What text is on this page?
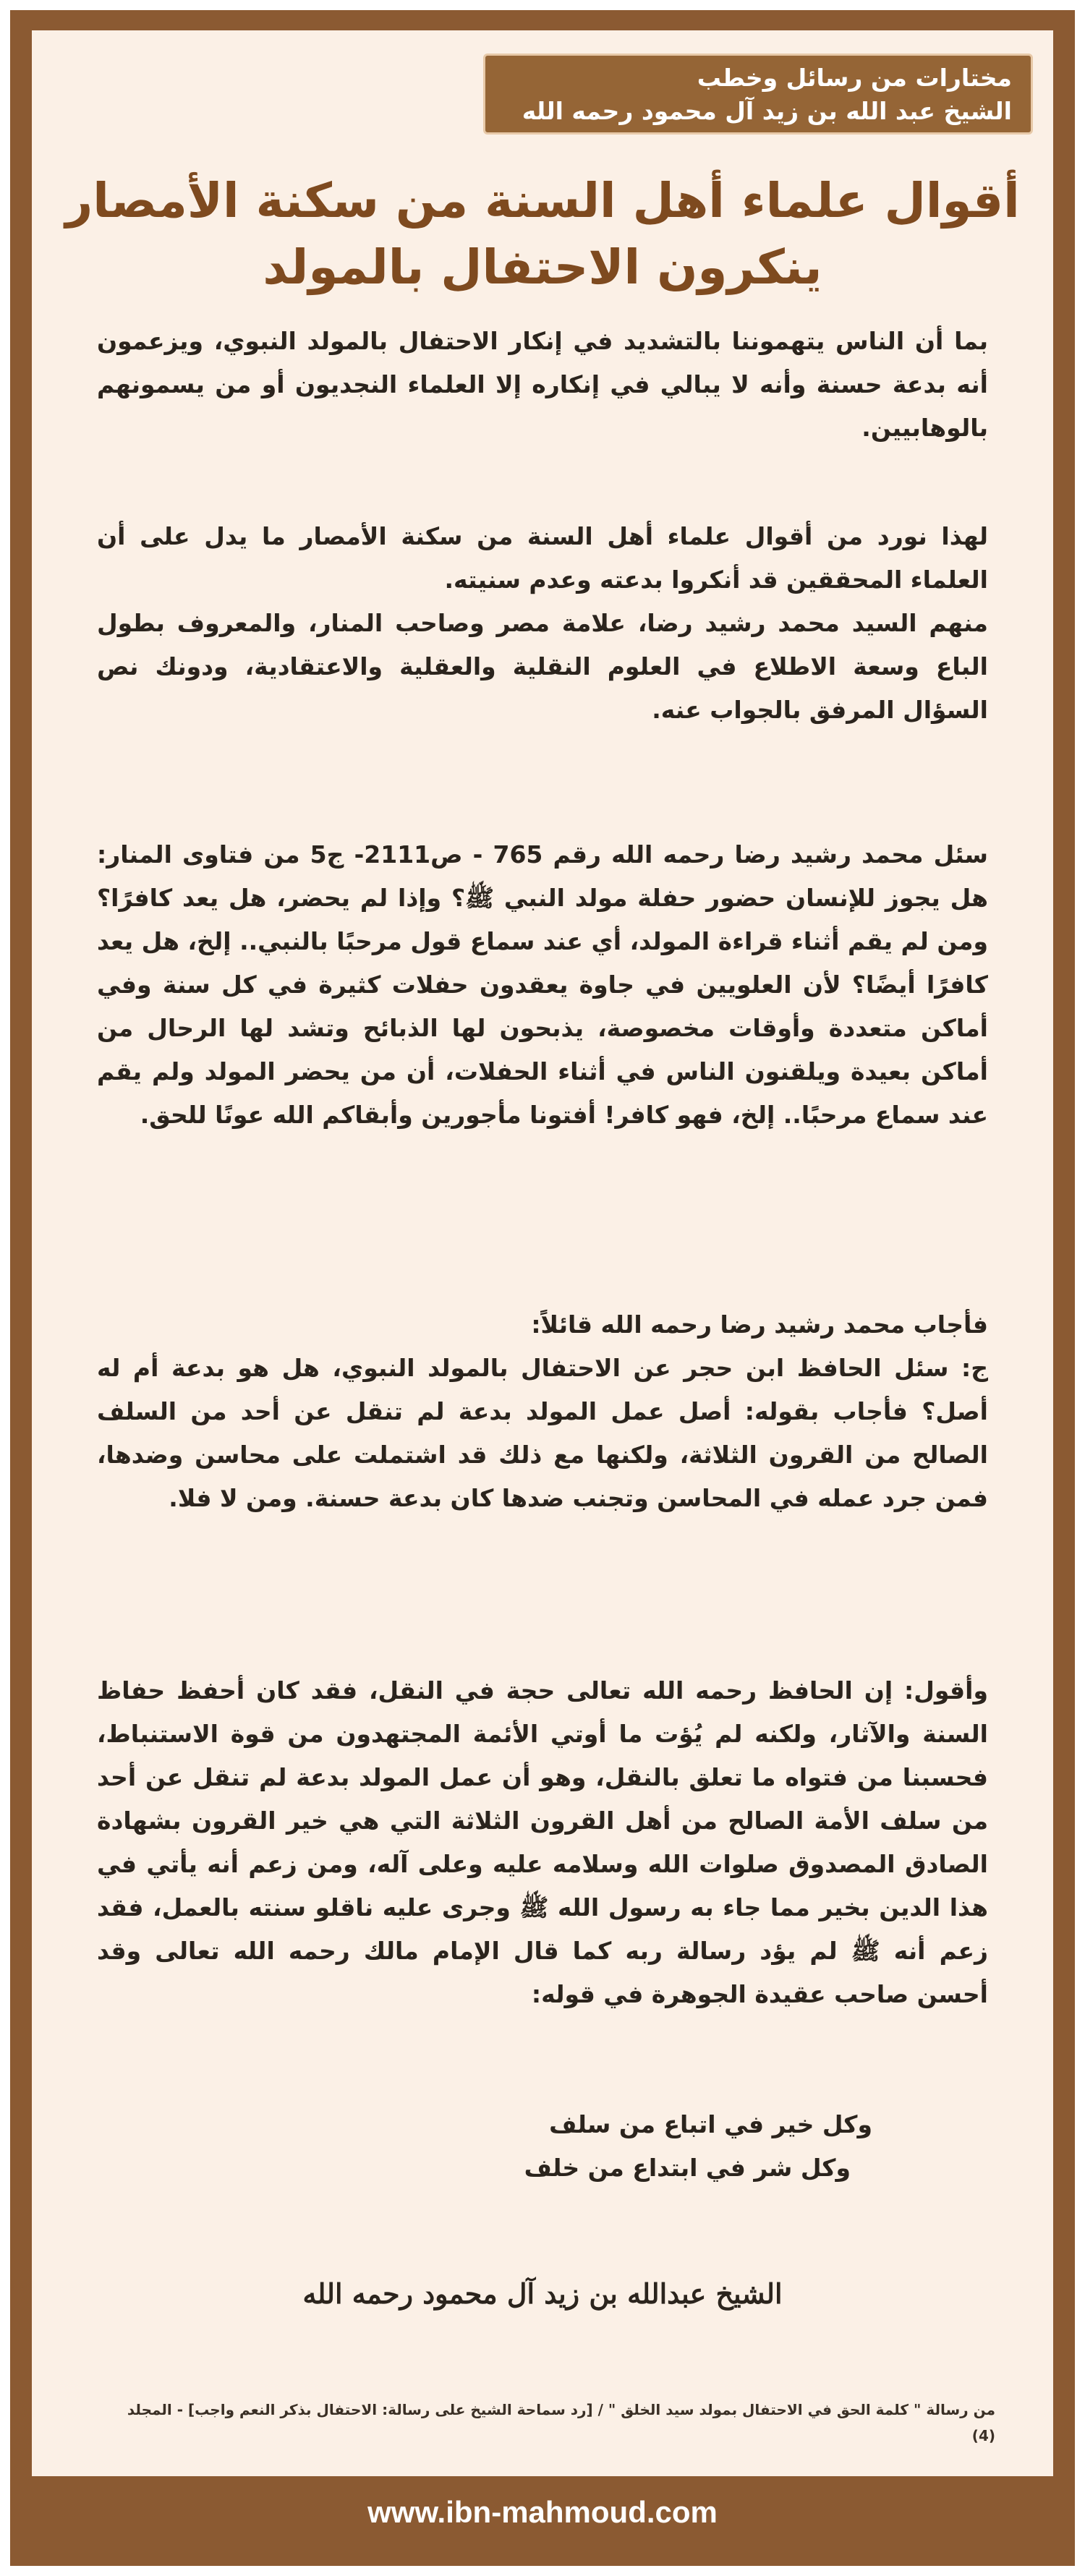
مختارات من رسائل وخطب
الشيخ عبد الله بن زيد آل محمود رحمه الله
أقوال علماء أهل السنة من سكنة الأمصار
ينكرون الاحتفال بالمولد

بما أن الناس يتهموننا بالتشديد في إنكار الاحتفال بالمولد النبوي، ويزعمون أنه بدعة حسنة وأنه لا يبالي في إنكاره إلا العلماء النجديون أو من يسمونهم بالوهابيين.

لهذا نورد من أقوال علماء أهل السنة من سكنة الأمصار ما يدل على أن العلماء المحققين قد أنكروا بدعته وعدم سنيته.

منهم السيد محمد رشيد رضا، علامة مصر وصاحب المنار، والمعروف بطول الباع وسعة الاطلاع في العلوم النقلية والعقلية والاعتقادية، ودونك نص السؤال المرفق بالجواب عنه.

سئل محمد رشيد رضا رحمه الله رقم 765 - ص2111- ج5 من فتاوى المنار: هل يجوز للإنسان حضور حفلة مولد النبي ﷺ؟ وإذا لم يحضر، هل يعد كافرًا؟ ومن لم يقم أثناء قراءة المولد، أي عند سماع قول مرحبًا بالنبي.. إلخ، هل يعد كافرًا أيضًا؟ لأن العلويين في جاوة يعقدون حفلات كثيرة في كل سنة وفي أماكن متعددة وأوقات مخصوصة، يذبحون لها الذبائح وتشد لها الرحال من أماكن بعيدة ويلقنون الناس في أثناء الحفلات، أن من يحضر المولد ولم يقم عند سماع مرحبًا.. إلخ، فهو كافر! أفتونا مأجورين وأبقاكم الله عونًا للحق.

فأجاب محمد رشيد رضا رحمه الله قائلاً:

ج: سئل الحافظ ابن حجر عن الاحتفال بالمولد النبوي، هل هو بدعة أم له أصل؟ فأجاب بقوله: أصل عمل المولد بدعة لم تنقل عن أحد من السلف الصالح من القرون الثلاثة، ولكنها مع ذلك قد اشتملت على محاسن وضدها، فمن جرد عمله في المحاسن وتجنب ضدها كان بدعة حسنة. ومن لا فلا.

وأقول: إن الحافظ رحمه الله تعالى حجة في النقل، فقد كان أحفظ حفاظ السنة والآثار، ولكنه لم يُؤت ما أوتي الأئمة المجتهدون من قوة الاستنباط، فحسبنا من فتواه ما تعلق بالنقل، وهو أن عمل المولد بدعة لم تنقل عن أحد من سلف الأمة الصالح من أهل القرون الثلاثة التي هي خير القرون بشهادة الصادق المصدوق صلوات الله وسلامه عليه وعلى آله، ومن زعم أنه يأتي في هذا الدين بخير مما جاء به رسول الله ﷺ وجرى عليه ناقلو سنته بالعمل، فقد زعم أنه ﷺ لم يؤد رسالة ربه كما قال الإمام مالك رحمه الله تعالى وقد أحسن صاحب عقيدة الجوهرة في قوله:

وكل خير في اتباع من سلف
وكل شر في ابتداع من خلف
الشيخ عبدالله بن زيد آل محمود رحمه الله
من رسالة " كلمة الحق في الاحتفال بمولد سيد الخلق " / [رد سماحة الشيخ على رسالة: الاحتفال بذكر النعم واجب] - المجلد (4)
www.ibn-mahmoud.com
